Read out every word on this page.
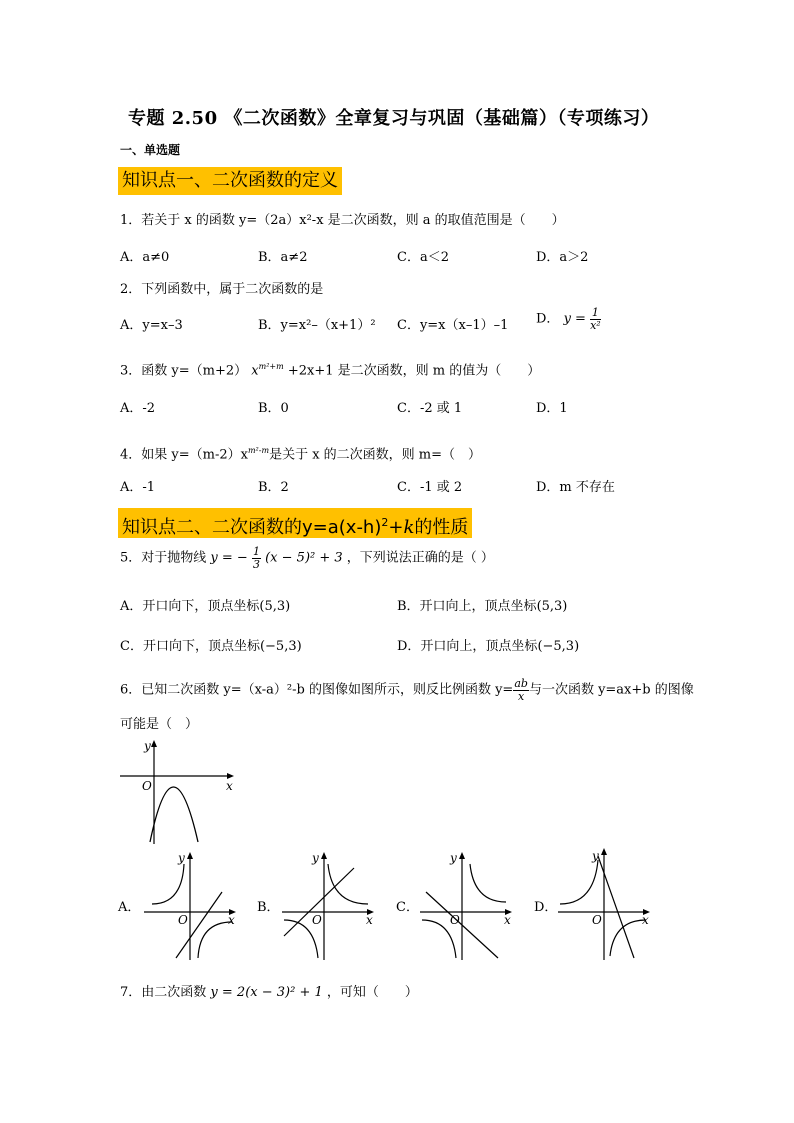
专题 2.50 《二次函数》全章复习与巩固（基础篇）（专项练习）
一、单选题
知识点一、二次函数的定义
1．若关于 x 的函数 y=（2a）x²-x 是二次函数，则 a 的取值范围是（　　）
A．a≠0	B．a≠2	C．a＜2	D．a＞2
2．下列函数中，属于二次函数的是
A．y=x–3	B．y=x²–（x+1）² C．y=x（x–1）–1 D． $y = \frac{1}{\text{x²}}$
3．函数 y=（m+2） $x^{m^2+m} +2x+1$ 是二次函数，则 m 的值为（　　）
A．-2	B．0	C．-2 或 1	D．1
4．如果 $y=(m-2)x^{m^2-m}$是关于 x 的二次函数，则 m=（　）
A．-1	B．2	C．-1 或 2	D．m 不存在
知识点二、二次函数的$y=a(x-h)^2+k$的性质
5．对于抛物线 y = − $\frac{1}{3} (x - 5)^2 + 3$ ，下列说法正确的是（ ）
A．开口向下，顶点坐标(5,3)	B．开口向上，顶点坐标(5,3)
C．开口向下，顶点坐标(−5,3)	D．开口向上，顶点坐标(−5,3)
6．已知二次函数 y=（x-a）²-b 的图像如图所示，则反比例函数 $y= \frac{ab}{x}$ 与一次函数 y=ax+b 的图像
可能是（　）
y
x
O
A．
y
x
O
B．
y
x
O
C．
y
x
O
D．
y
x
O
7．由二次函数 y = 2(x − 3)² + 1 ，可知（　　）
